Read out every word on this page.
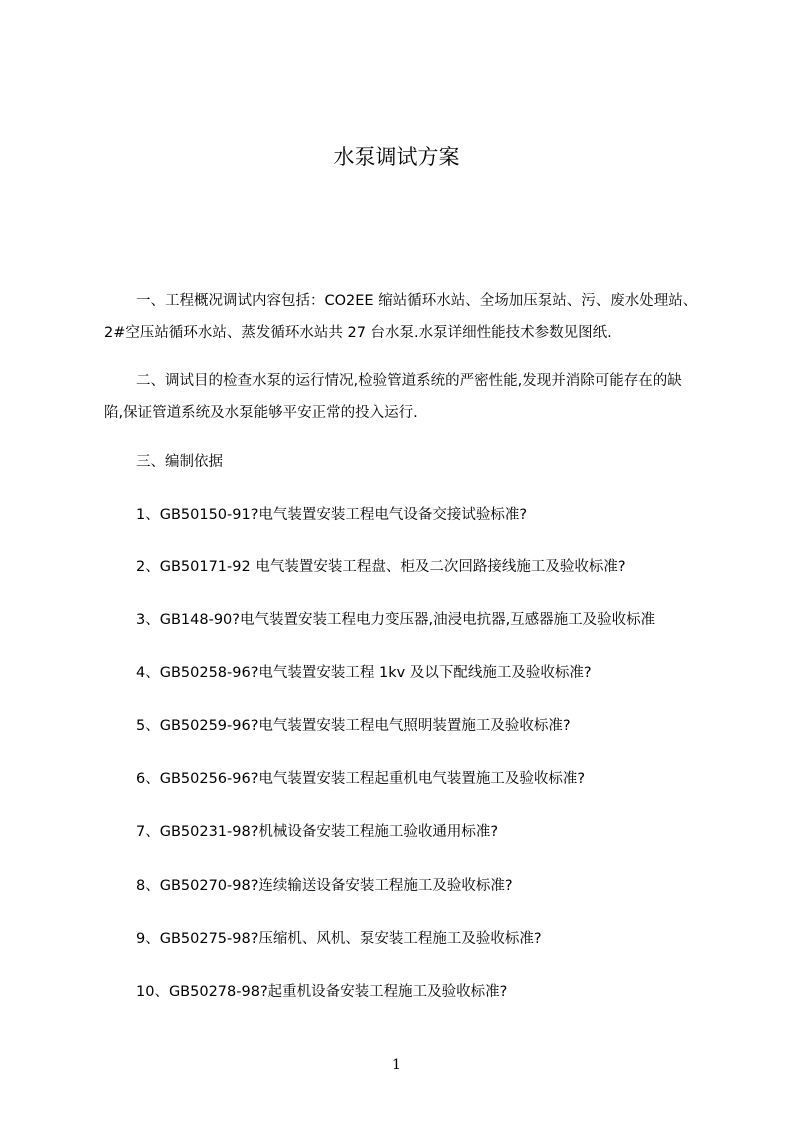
水泵调试方案
一、工程概况调试内容包括：CO2EE 缩站循环水站、全场加压泵站、污、废水处理站、2#空压站循环水站、蒸发循环水站共 27 台水泵.水泵详细性能技术参数见图纸.
二、调试目的检查水泵的运行情况,检验管道系统的严密性能,发现并消除可能存在的缺陷,保证管道系统及水泵能够平安正常的投入运行.
三、编制依据
1、GB50150-91?电气装置安装工程电气设备交接试验标准?
2、GB50171-92 电气装置安装工程盘、柜及二次回路接线施工及验收标准?
3、GB148-90?电气装置安装工程电力变压器,油浸电抗器,互感器施工及验收标准
4、GB50258-96?电气装置安装工程 1kv 及以下配线施工及验收标准?
5、GB50259-96?电气装置安装工程电气照明装置施工及验收标准?
6、GB50256-96?电气装置安装工程起重机电气装置施工及验收标准?
7、GB50231-98?机械设备安装工程施工验收通用标准?
8、GB50270-98?连续输送设备安装工程施工及验收标准?
9、GB50275-98?压缩机、风机、泵安装工程施工及验收标准?
10、GB50278-98?起重机设备安装工程施工及验收标准?
1
